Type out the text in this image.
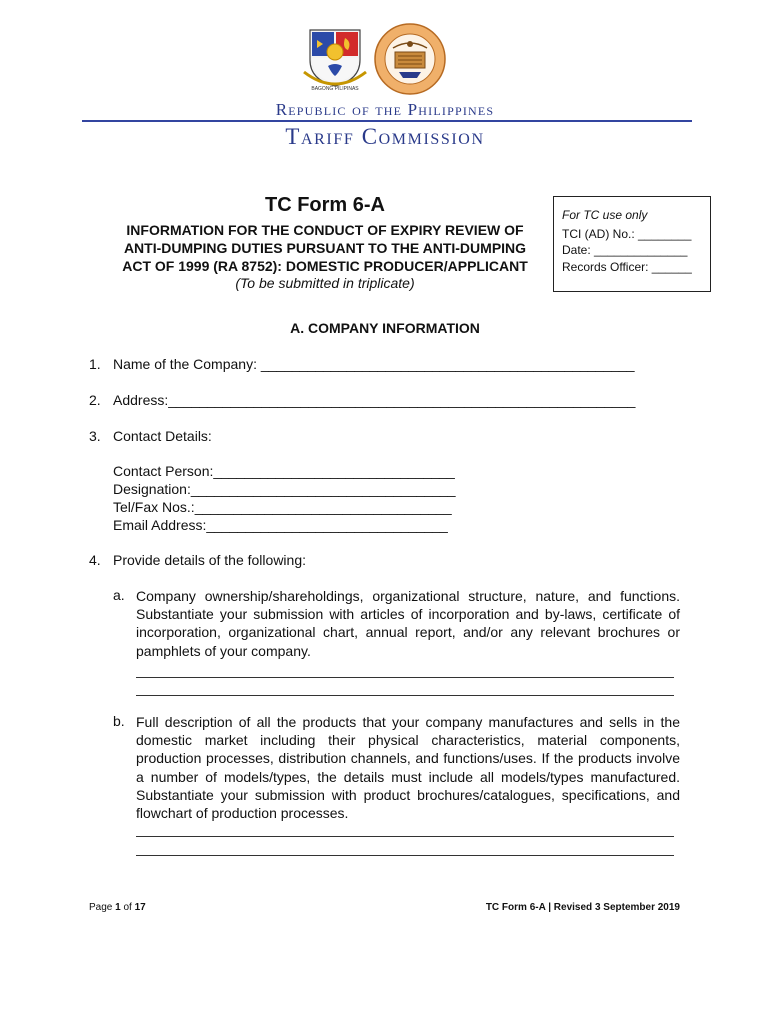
BAGONG PILIPINAS
Republic of the Philippines
Tariff Commission
TC Form 6-A
INFORMATION FOR THE CONDUCT OF EXPIRY REVIEW OF
ANTI-DUMPING DUTIES PURSUANT TO THE ANTI-DUMPING
ACT OF 1999 (RA 8752): DOMESTIC PRODUCER/APPLICANT
(To be submitted in triplicate)
For TC use only
TCI (AD) No.: ________
Date: ______________
Records Officer: ______
A. COMPANY INFORMATION
1. Name of the Company: ________________________________________________
2. Address:____________________________________________________________
3. Contact Details:
Contact Person:_______________________________
Designation:__________________________________
Tel/Fax Nos.:_________________________________
Email Address:_______________________________
4. Provide details of the following:
a. Company ownership/shareholdings, organizational structure, nature, and functions. Substantiate your submission with articles of incorporation and by-laws, certificate of incorporation, organizational chart, annual report, and/or any relevant brochures or pamphlets of your company.
b. Full description of all the products that your company manufactures and sells in the domestic market including their physical characteristics, material components, production processes, distribution channels, and functions/uses. If the products involve a number of models/types, the details must include all models/types manufactured. Substantiate your submission with product brochures/catalogues, specifications, and flowchart of production processes.
Page 1 of 17	TC Form 6-A | Revised 3 September 2019
